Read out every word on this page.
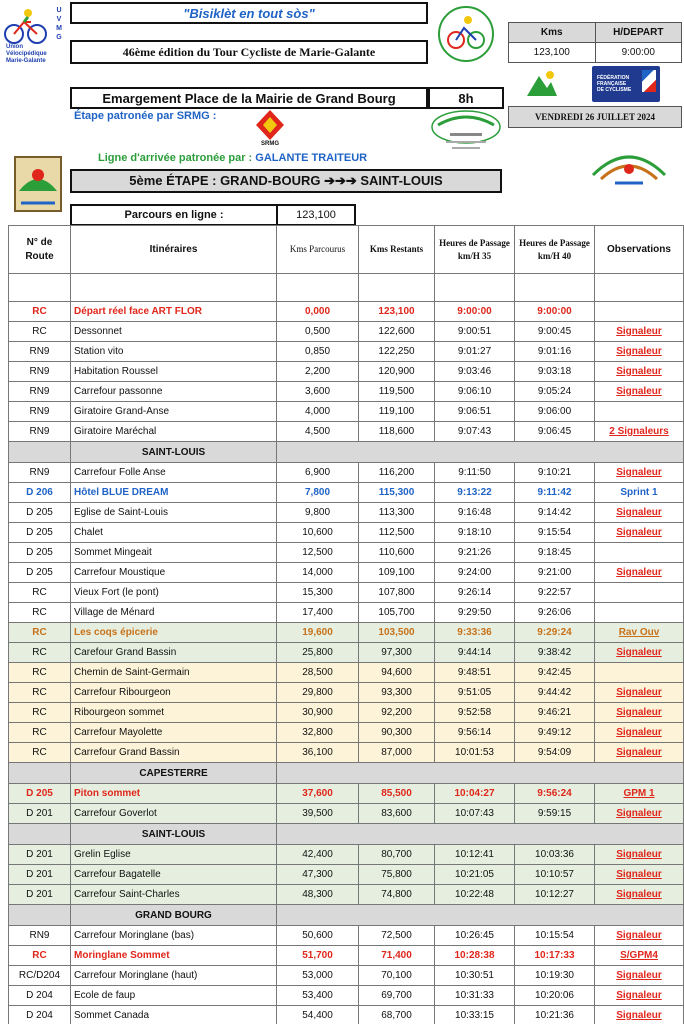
U
V
M
G
Union Vélocipédique Marie-Galante
"Bisiklèt en tout sòs"
46ème édition du Tour Cycliste de Marie-Galante
Kms	H/DEPART
123,100	9:00:00
FÉDÉRATION
FRANÇAISE
DE CYCLISME
Emargement Place de la Mairie de Grand Bourg	8h
VENDREDI 26 JUILLET 2024
Étape patronée par SRMG :
SRMG
Ligne d'arrivée patronée par : GALANTE TRAITEUR
5ème ÉTAPE : GRAND-BOURG ➔➔➔ SAINT-LOUIS
Parcours en ligne :	123,100
N° de Route	Itinéraires	Kms Parcourus	Kms Restants	Heures de Passage km/H 35	Heures de Passage km/H 40	Observations

RC	Départ réel face ART FLOR	0,000	123,100	9:00:00	9:00:00	
RC	Dessonnet	0,500	122,600	9:00:51	9:00:45	Signaleur
RN9	Station vito	0,850	122,250	9:01:27	9:01:16	Signaleur
RN9	Habitation Roussel	2,200	120,900	9:03:46	9:03:18	Signaleur
RN9	Carrefour passonne	3,600	119,500	9:06:10	9:05:24	Signaleur
RN9	Giratoire Grand-Anse	4,000	119,100	9:06:51	9:06:00	
RN9	Giratoire Maréchal	4,500	118,600	9:07:43	9:06:45	2 Signaleurs
	SAINT-LOUIS					
RN9	Carrefour Folle Anse	6,900	116,200	9:11:50	9:10:21	Signaleur
D 206	Hôtel BLUE DREAM	7,800	115,300	9:13:22	9:11:42	Sprint 1
D 205	Eglise de Saint-Louis	9,800	113,300	9:16:48	9:14:42	Signaleur
D 205	Chalet	10,600	112,500	9:18:10	9:15:54	Signaleur
D 205	Sommet Mingeait	12,500	110,600	9:21:26	9:18:45	
D 205	Carrefour Moustique	14,000	109,100	9:24:00	9:21:00	Signaleur
RC	Vieux Fort (le pont)	15,300	107,800	9:26:14	9:22:57	
RC	Village de Ménard	17,400	105,700	9:29:50	9:26:06	
RC	Les coqs épicerie	19,600	103,500	9:33:36	9:29:24	Rav Ouv
RC	Carefour Grand Bassin	25,800	97,300	9:44:14	9:38:42	Signaleur
RC	Chemin de Saint-Germain	28,500	94,600	9:48:51	9:42:45	
RC	Carrefour Ribourgeon	29,800	93,300	9:51:05	9:44:42	Signaleur
RC	Ribourgeon sommet	30,900	92,200	9:52:58	9:46:21	Signaleur
RC	Carrefour Mayolette	32,800	90,300	9:56:14	9:49:12	Signaleur
RC	Carrefour Grand Bassin	36,100	87,000	10:01:53	9:54:09	Signaleur
	CAPESTERRE					
D 205	Piton sommet	37,600	85,500	10:04:27	9:56:24	GPM 1
D 201	Carrefour Goverlot	39,500	83,600	10:07:43	9:59:15	Signaleur
	SAINT-LOUIS					
D 201	Grelin Eglise	42,400	80,700	10:12:41	10:03:36	Signaleur
D 201	Carrefour Bagatelle	47,300	75,800	10:21:05	10:10:57	Signaleur
D 201	Carrefour Saint-Charles	48,300	74,800	10:22:48	10:12:27	Signaleur
	GRAND BOURG					
RN9	Carrefour Moringlane (bas)	50,600	72,500	10:26:45	10:15:54	Signaleur
RC	Moringlane Sommet	51,700	71,400	10:28:38	10:17:33	S/GPM4
RC/D204	Carrefour Moringlane (haut)	53,000	70,100	10:30:51	10:19:30	Signaleur
D 204	Ecole de faup	53,400	69,700	10:31:33	10:20:06	Signaleur
D 204	Sommet Canada	54,400	68,700	10:33:15	10:21:36	Signaleur
